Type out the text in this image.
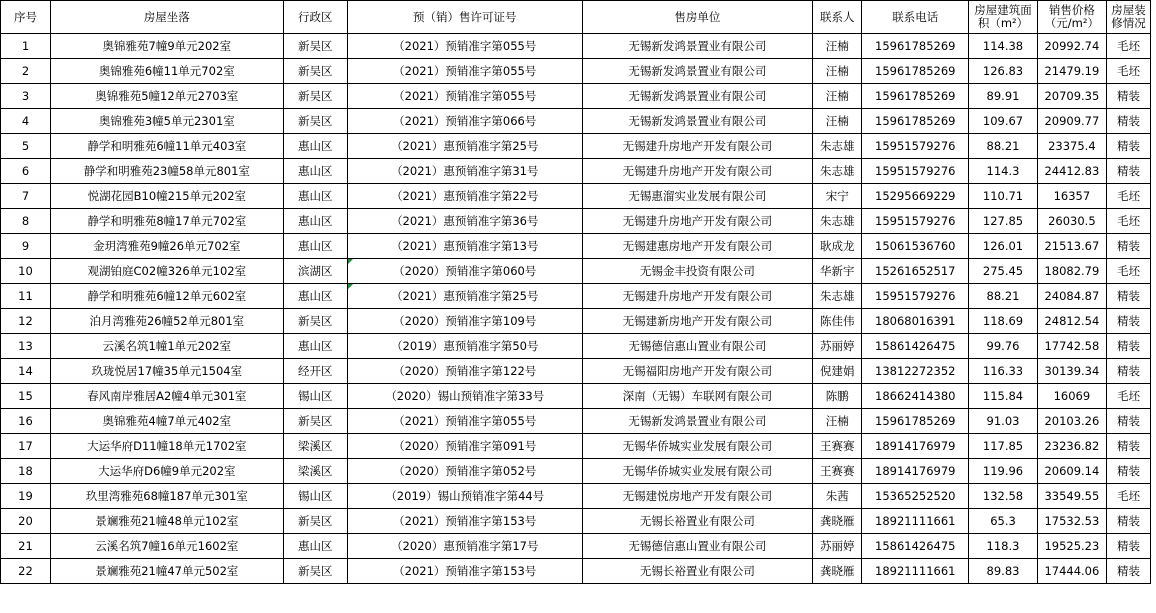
序号	房屋坐落	行政区	预（销）售许可证号	售房单位	联系人	联系电话	房屋建筑面积（m²）	销售价格（元/m²）	房屋装修情况
1	奥锦雅苑7幢9单元202室	新吴区	（2021）预销准字第055号	无锡新发鸿景置业有限公司	汪楠	15961785269	114.38	20992.74	毛坯
2	奥锦雅苑6幢11单元702室	新吴区	（2021）预销准字第055号	无锡新发鸿景置业有限公司	汪楠	15961785269	126.83	21479.19	毛坯
3	奥锦雅苑5幢12单元2703室	新吴区	（2021）预销准字第055号	无锡新发鸿景置业有限公司	汪楠	15961785269	89.91	20709.35	精装
4	奥锦雅苑3幢5单元2301室	新吴区	（2021）预销准字第066号	无锡新发鸿景置业有限公司	汪楠	15961785269	109.67	20909.77	精装
5	静学和明雅苑6幢11单元403室	惠山区	（2021）惠预销准字第25号	无锡建升房地产开发有限公司	朱志雄	15951579276	88.21	23375.4	精装
6	静学和明雅苑23幢58单元801室	惠山区	（2021）惠预销准字第31号	无锡建升房地产开发有限公司	朱志雄	15951579276	114.3	24412.83	精装
7	悦湖花园B10幢215单元202室	惠山区	（2021）惠预销准字第22号	无锡惠溜实业发展有限公司	宋宁	15295669229	110.71	16357	毛坯
8	静学和明雅苑8幢17单元702室	惠山区	（2021）惠预销准字第36号	无锡建升房地产开发有限公司	朱志雄	15951579276	127.85	26030.5	毛坯
9	金玥湾雅苑9幢26单元702室	惠山区	（2021）惠预销准字第13号	无锡建惠房地产开发有限公司	耿成龙	15061536760	126.01	21513.67	精装
10	观湖铂庭C02幢326单元102室	滨湖区	（2020）预销准字第060号	无锡金丰投资有限公司	华新宇	15261652517	275.45	18082.79	毛坯
11	静学和明雅苑6幢12单元602室	惠山区	（2021）惠预销准字第25号	无锡建升房地产开发有限公司	朱志雄	15951579276	88.21	24084.87	精装
12	泊月湾雅苑26幢52单元801室	新吴区	（2020）预销准字第109号	无锡建新房地产开发有限公司	陈佳伟	18068016391	118.69	24812.54	精装
13	云溪名筑1幢1单元202室	惠山区	（2019）惠预销准字第50号	无锡德信惠山置业有限公司	苏丽婷	15861426475	99.76	17742.58	精装
14	玖珑悦居17幢35单元1504室	经开区	（2020）预销准字第122号	无锡福阳房地产开发有限公司	倪建娟	13812272352	116.33	30139.34	精装
15	春风南岸雅居A2幢4单元301室	锡山区	（2020）锡山预销准字第33号	深南（无锡）车联网有限公司	陈鹏	18662414380	115.84	16069	毛坯
16	奥锦雅苑4幢7单元402室	新吴区	（2021）预销准字第055号	无锡新发鸿景置业有限公司	汪楠	15961785269	91.03	20103.26	精装
17	大运华府D11幢18单元1702室	梁溪区	（2020）预销准字第091号	无锡华侨城实业发展有限公司	王赛赛	18914176979	117.85	23236.82	精装
18	大运华府D6幢9单元202室	梁溪区	（2020）预销准字第052号	无锡华侨城实业发展有限公司	王赛赛	18914176979	119.96	20609.14	精装
19	玖里湾雅苑68幢187单元301室	锡山区	（2019）锡山预销准字第44号	无锡建悦房地产开发有限公司	朱茜	15365252520	132.58	33549.55	毛坯
20	景斓雅苑21幢48单元102室	新吴区	（2021）预销准字第153号	无锡长裕置业有限公司	龚晓雁	18921111661	65.3	17532.53	精装
21	云溪名筑7幢16单元1602室	惠山区	（2020）惠预销准字第17号	无锡德信惠山置业有限公司	苏丽婷	15861426475	118.3	19525.23	精装
22	景斓雅苑21幢47单元502室	新吴区	（2021）预销准字第153号	无锡长裕置业有限公司	龚晓雁	18921111661	89.83	17444.06	精装
